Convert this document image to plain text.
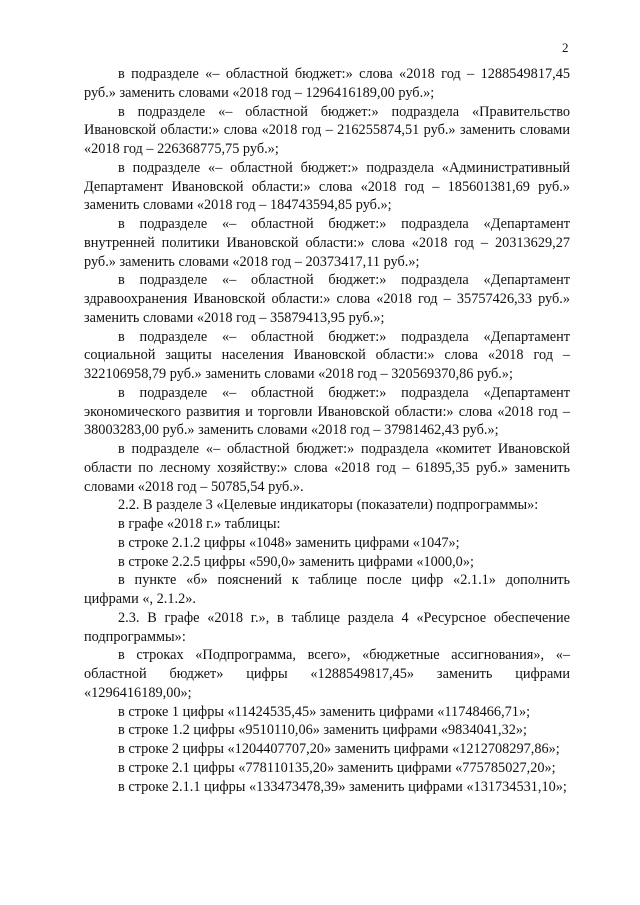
2

в подразделе «– областной бюджет:» слова «2018 год – 1288549817,45 руб.» заменить словами «2018 год – 1296416189,00 руб.»;

в подразделе «– областной бюджет:» подраздела «Правительство Ивановской области:» слова «2018 год – 216255874,51 руб.» заменить словами «2018 год – 226368775,75 руб.»;

в подразделе «– областной бюджет:» подраздела «Административный Департамент Ивановской области:» слова «2018 год – 185601381,69 руб.» заменить словами «2018 год – 184743594,85 руб.»;

в подразделе «– областной бюджет:» подраздела «Департамент внутренней политики Ивановской области:» слова «2018 год – 20313629,27 руб.» заменить словами «2018 год – 20373417,11 руб.»;

в подразделе «– областной бюджет:» подраздела «Департамент здравоохранения Ивановской области:» слова «2018 год – 35757426,33 руб.» заменить словами «2018 год – 35879413,95 руб.»;

в подразделе «– областной бюджет:» подраздела «Департамент социальной защиты населения Ивановской области:» слова «2018 год – 322106958,79 руб.» заменить словами «2018 год – 320569370,86 руб.»;

в подразделе «– областной бюджет:» подраздела «Департамент экономического развития и торговли Ивановской области:» слова «2018 год – 38003283,00 руб.» заменить словами «2018 год – 37981462,43 руб.»;

в подразделе «– областной бюджет:» подраздела «комитет Ивановской области по лесному хозяйству:» слова «2018 год – 61895,35 руб.» заменить словами «2018 год – 50785,54 руб.».

2.2. В разделе 3 «Целевые индикаторы (показатели) подпрограммы»:

в графе «2018 г.» таблицы:

в строке 2.1.2 цифры «1048» заменить цифрами «1047»;

в строке 2.2.5 цифры «590,0» заменить цифрами «1000,0»;

в пункте «б» пояснений к таблице после цифр «2.1.1» дополнить цифрами «, 2.1.2».

2.3. В графе «2018 г.», в таблице раздела 4 «Ресурсное обеспечение подпрограммы»:

в строках «Подпрограмма, всего», «бюджетные ассигнования», «– областной бюджет» цифры «1288549817,45» заменить цифрами «1296416189,00»;

в строке 1 цифры «11424535,45» заменить цифрами «11748466,71»;

в строке 1.2 цифры «9510110,06» заменить цифрами «9834041,32»;

в строке 2 цифры «1204407707,20» заменить цифрами «1212708297,86»;

в строке 2.1 цифры «778110135,20» заменить цифрами «775785027,20»;

в строке 2.1.1 цифры «133473478,39» заменить цифрами «131734531,10»;
